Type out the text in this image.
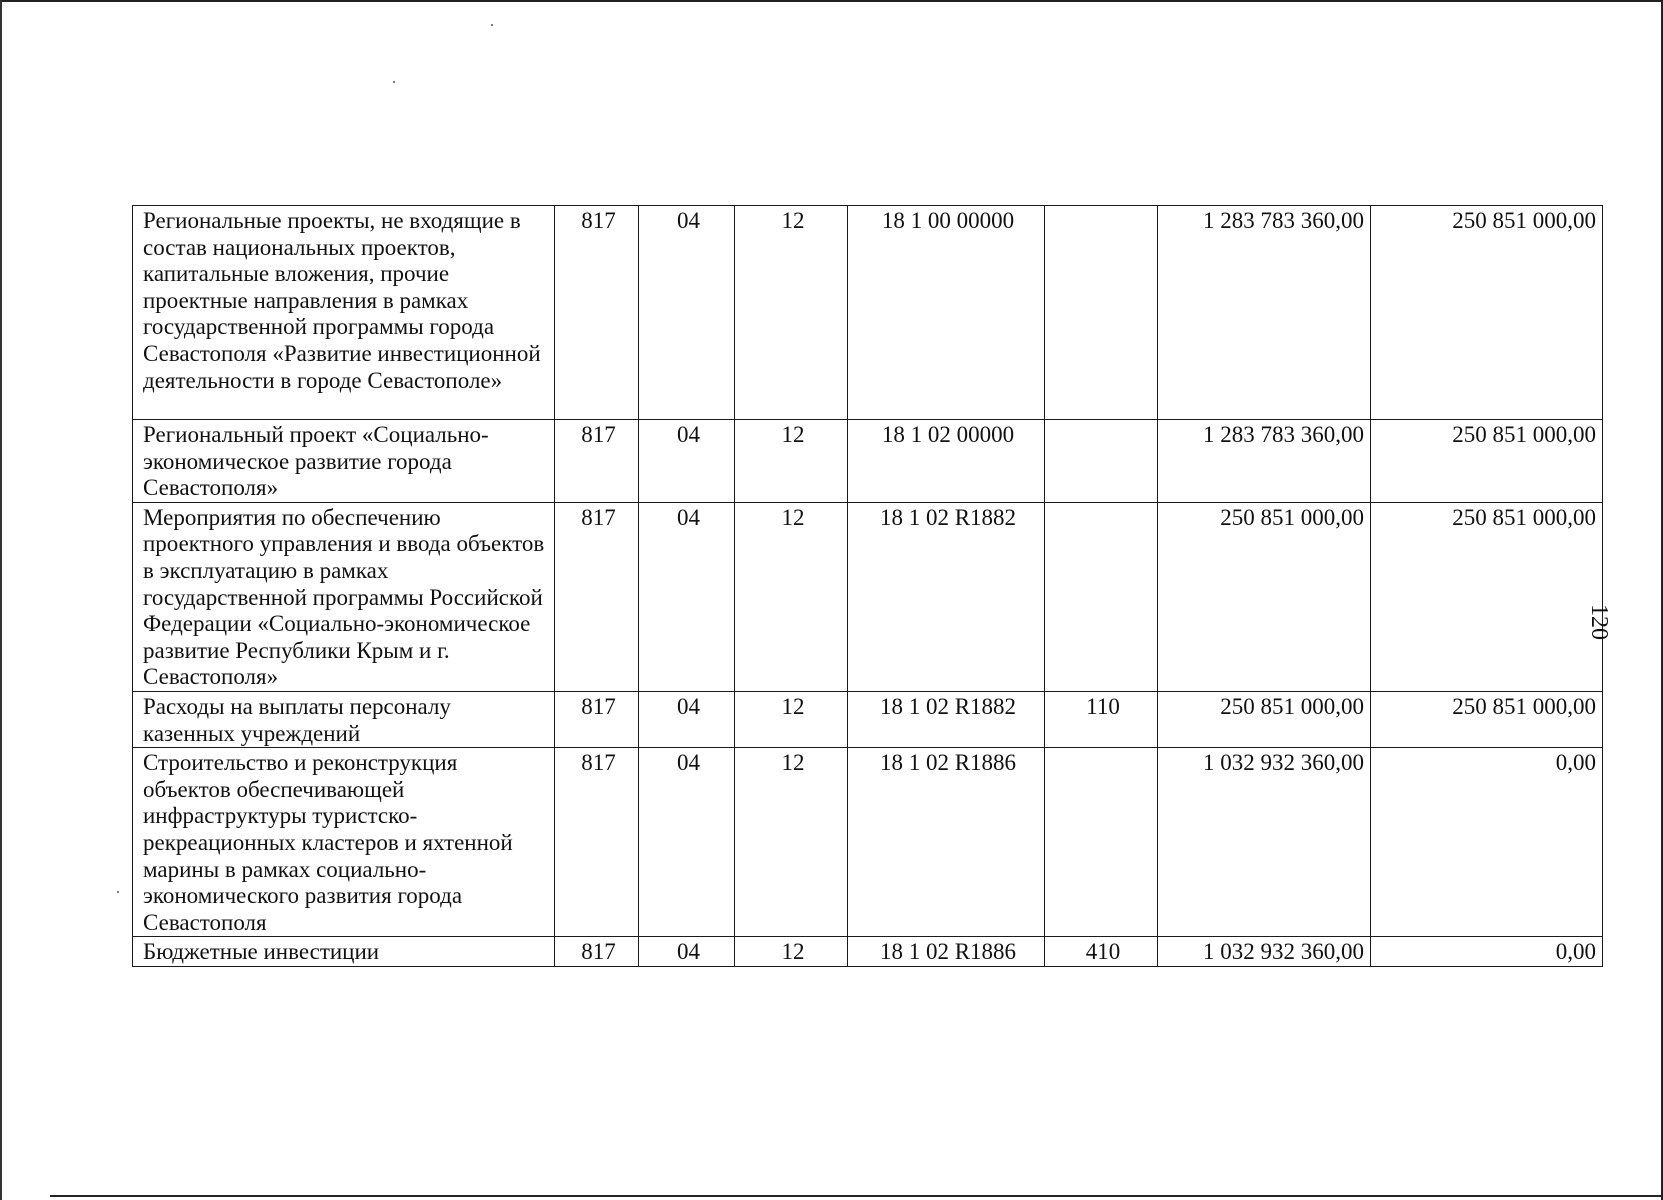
Региональные проекты, не входящие в состав национальных проектов, капитальные вложения, прочие проектные направления в рамках государственной программы города Севастополя «Развитие инвестиционной деятельности в городе Севастополе»	817	04	12	18 1 00 00000		1 283 783 360,00	250 851 000,00
Региональный проект «Социально-экономическое развитие города Севастополя»	817	04	12	18 1 02 00000		1 283 783 360,00	250 851 000,00
Мероприятия по обеспечению проектного управления и ввода объектов в эксплуатацию в рамках государственной программы Российской Федерации «Социально-экономическое развитие Республики Крым и г. Севастополя»	817	04	12	18 1 02 R1882		250 851 000,00	250 851 000,00
Расходы на выплаты персоналу казенных учреждений	817	04	12	18 1 02 R1882	110	250 851 000,00	250 851 000,00
Строительство и реконструкция объектов обеспечивающей инфраструктуры туристско-рекреационных кластеров и яхтенной марины в рамках социально-экономического развития города Севастополя	817	04	12	18 1 02 R1886		1 032 932 360,00	0,00
Бюджетные инвестиции	817	04	12	18 1 02 R1886	410	1 032 932 360,00	0,00
120
